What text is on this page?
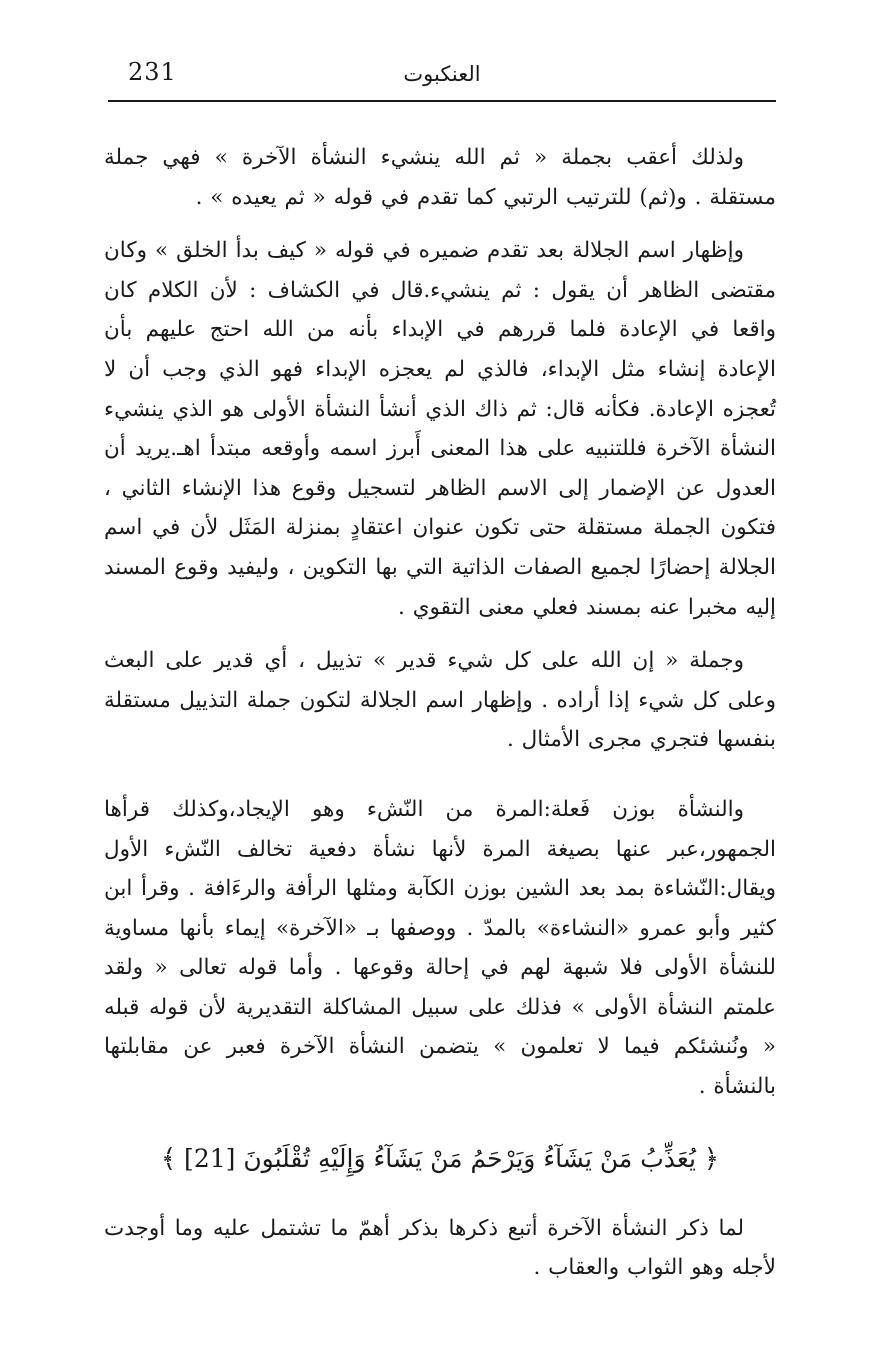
231	العنكبوت

ولذلك أعقب بجملة « ثم الله ينشيء النشأة الآخرة » فهي جملة مستقلة . و(ثم) للترتيب الرتبي كما تقدم في قوله « ثم يعيده » .

وإظهار اسم الجلالة بعد تقدم ضميره في قوله « كيف بدأ الخلق » وكان مقتضى الظاهر أن يقول : ثم ينشيء.قال في الكشاف : لأن الكلام كان واقعا في الإعادة فلما قررهم في الإبداء بأنه من الله احتج عليهم بأن الإعادة إنشاء مثل الإبداء، فالذي لم يعجزه الإبداء فهو الذي وجب أن لا تُعجزه الإعادة. فكأنه قال: ثم ذاك الذي أنشأ النشأة الأولى هو الذي ينشيء النشأة الآخرة فللتنبيه على هذا المعنى أَبرز اسمه وأوقعه مبتدأ اهـ.يريد أن العدول عن الإضمار إلى الاسم الظاهر لتسجيل وقوع هذا الإنشاء الثاني ، فتكون الجملة مستقلة حتى تكون عنوان اعتقادٍ بمنزلة المَثَل لأن في اسم الجلالة إحضارًا لجميع الصفات الذاتية التي بها التكوين ، وليفيد وقوع المسند إليه مخبرا عنه بمسند فعلي معنى التقوي .

وجملة « إن الله على كل شيء قدير » تذييل ، أي قدير على البعث وعلى كل شيء إذا أراده . وإظهار اسم الجلالة لتكون جملة التذييل مستقلة بنفسها فتجري مجرى الأمثال .

والنشأة بوزن فَعلة:المرة من النّشء وهو الإيجاد،وكذلك قرأها الجمهور،عبر عنها بصيغة المرة لأنها نشأة دفعية تخالف النّشء الأول ويقال:النّشاءة بمد بعد الشين بوزن الكآبة ومثلها الرأفة والرءَافة . وقرأ ابن كثير وأبو عمرو «النشاءة» بالمدّ . ووصفها بـ «الآخرة» إيماء بأنها مساوية للنشأة الأولى فلا شبهة لهم في إحالة وقوعها . وأما قوله تعالى « ولقد علمتم النشأة الأولى » فذلك على سبيل المشاكلة التقديرية لأن قوله قبله « ونُنشئكم فيما لا تعلمون » يتضمن النشأة الآخرة فعبر عن مقابلتها بالنشأة .

﴿ يُعَذِّبُ مَنْ يَشَآءُ وَيَرْحَمُ مَنْ يَشَآءُ وَإِلَيْهِ تُقْلَبُونَ [21] ﴾

لما ذكر النشأة الآخرة أتبع ذكرها بذكر أهمّ ما تشتمل عليه وما أوجدت لأجله وهو الثواب والعقاب .
